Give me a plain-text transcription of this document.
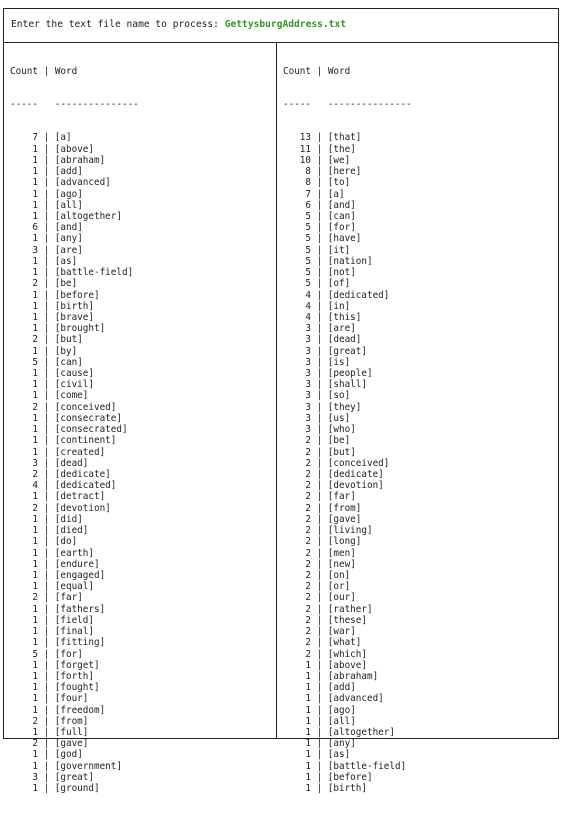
Enter the text file name to process: GettysburgAddress.txt

Count | Word

----- ---------------

7 | [a]
1 | [above]
1 | [abraham]
1 | [add]
1 | [advanced]
1 | [ago]
1 | [all]
1 | [altogether]
6 | [and]
1 | [any]
3 | [are]
1 | [as]
1 | [battle-field]
2 | [be]
1 | [before]
1 | [birth]
1 | [brave]
1 | [brought]
2 | [but]
1 | [by]
5 | [can]
1 | [cause]
1 | [civil]
1 | [come]
2 | [conceived]
1 | [consecrate]
1 | [consecrated]
1 | [continent]
1 | [created]
3 | [dead]
2 | [dedicate]
4 | [dedicated]
1 | [detract]
2 | [devotion]
1 | [did]
1 | [died]
1 | [do]
1 | [earth]
1 | [endure]
1 | [engaged]
1 | [equal]
2 | [far]
1 | [fathers]
1 | [field]
1 | [final]
1 | [fitting]
5 | [for]
1 | [forget]
1 | [forth]
1 | [fought]
1 | [four]
1 | [freedom]
2 | [from]
1 | [full]
2 | [gave]
1 | [god]
1 | [government]
3 | [great]
1 | [ground]

Count | Word

----- ---------------

13 | [that]
11 | [the]
10 | [we]
8 | [here]
8 | [to]
7 | [a]
6 | [and]
5 | [can]
5 | [for]
5 | [have]
5 | [it]
5 | [nation]
5 | [not]
5 | [of]
4 | [dedicated]
4 | [in]
4 | [this]
3 | [are]
3 | [dead]
3 | [great]
3 | [is]
3 | [people]
3 | [shall]
3 | [so]
3 | [they]
3 | [us]
3 | [who]
2 | [be]
2 | [but]
2 | [conceived]
2 | [dedicate]
2 | [devotion]
2 | [far]
2 | [from]
2 | [gave]
2 | [living]
2 | [long]
2 | [men]
2 | [new]
2 | [on]
2 | [or]
2 | [our]
2 | [rather]
2 | [these]
2 | [war]
2 | [what]
2 | [which]
1 | [above]
1 | [abraham]
1 | [add]
1 | [advanced]
1 | [ago]
1 | [all]
1 | [altogether]
1 | [any]
1 | [as]
1 | [battle-field]
1 | [before]
1 | [birth]
